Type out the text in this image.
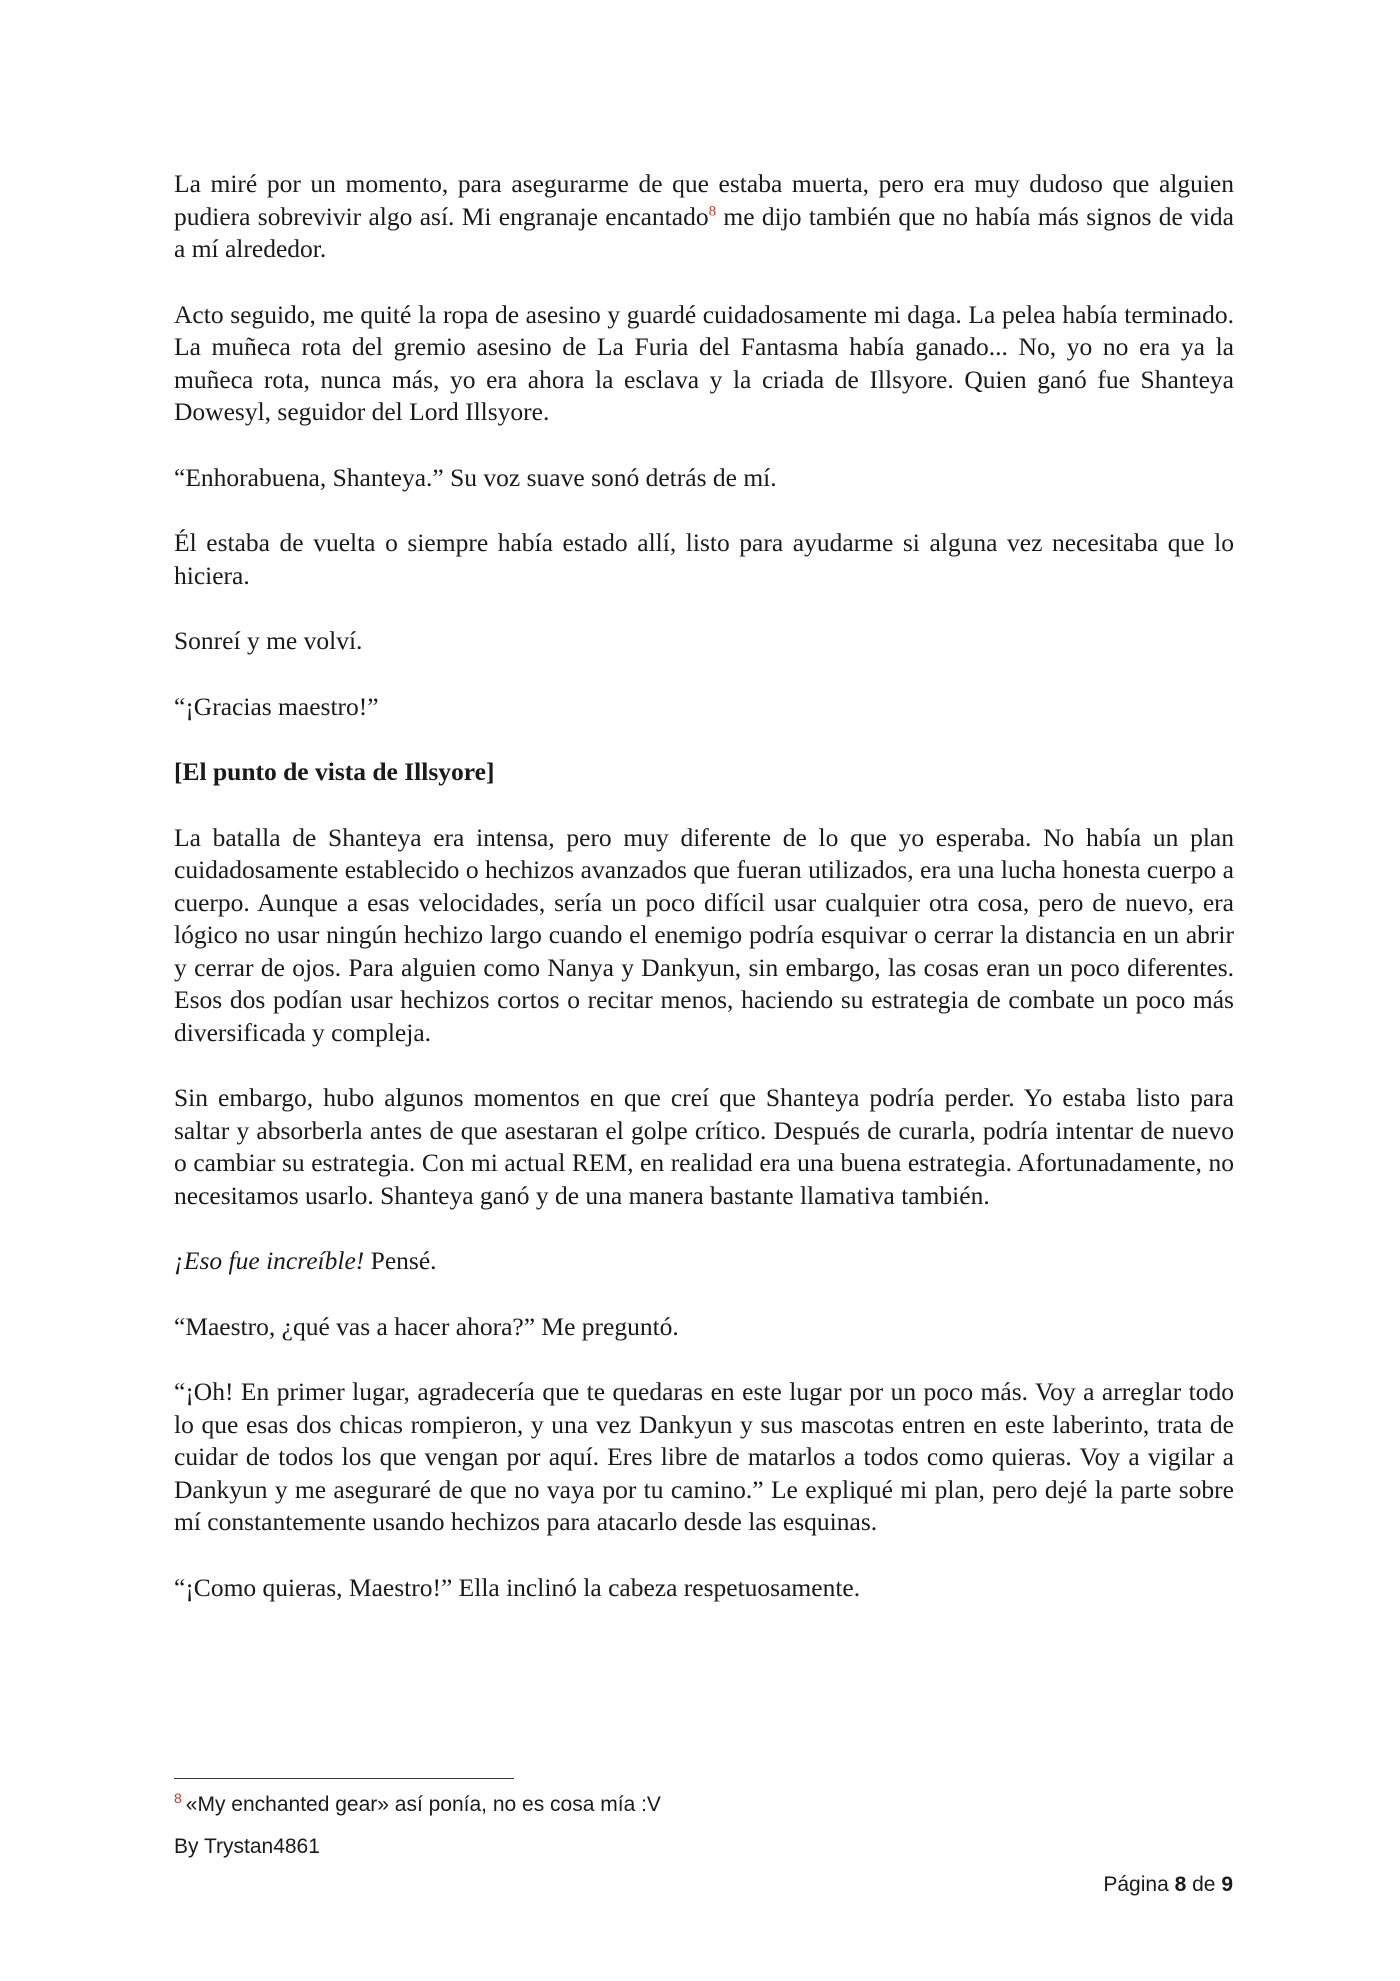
La miré por un momento, para asegurarme de que estaba muerta, pero era muy dudoso que alguien pudiera sobrevivir algo así. Mi engranaje encantado$^8$ me dijo también que no había más signos de vida a mí alrededor.

Acto seguido, me quité la ropa de asesino y guardé cuidadosamente mi daga. La pelea había terminado. La muñeca rota del gremio asesino de La Furia del Fantasma había ganado... No, yo no era ya la muñeca rota, nunca más, yo era ahora la esclava y la criada de Illsyore. Quien ganó fue Shanteya Dowesyl, seguidor del Lord Illsyore.

“Enhorabuena, Shanteya.” Su voz suave sonó detrás de mí.

Él estaba de vuelta o siempre había estado allí, listo para ayudarme si alguna vez necesitaba que lo hiciera.

Sonreí y me volví.

“¡Gracias maestro!”

[El punto de vista de Illsyore]

La batalla de Shanteya era intensa, pero muy diferente de lo que yo esperaba. No había un plan cuidadosamente establecido o hechizos avanzados que fueran utilizados, era una lucha honesta cuerpo a cuerpo. Aunque a esas velocidades, sería un poco difícil usar cualquier otra cosa, pero de nuevo, era lógico no usar ningún hechizo largo cuando el enemigo podría esquivar o cerrar la distancia en un abrir y cerrar de ojos. Para alguien como Nanya y Dankyun, sin embargo, las cosas eran un poco diferentes. Esos dos podían usar hechizos cortos o recitar menos, haciendo su estrategia de combate un poco más diversificada y compleja.

Sin embargo, hubo algunos momentos en que creí que Shanteya podría perder. Yo estaba listo para saltar y absorberla antes de que asestaran el golpe crítico. Después de curarla, podría intentar de nuevo o cambiar su estrategia. Con mi actual REM, en realidad era una buena estrategia. Afortunadamente, no necesitamos usarlo. Shanteya ganó y de una manera bastante llamativa también.

¡Eso fue increíble! Pensé.

“Maestro, ¿qué vas a hacer ahora?” Me preguntó.

“¡Oh! En primer lugar, agradecería que te quedaras en este lugar por un poco más. Voy a arreglar todo lo que esas dos chicas rompieron, y una vez Dankyun y sus mascotas entren en este laberinto, trata de cuidar de todos los que vengan por aquí. Eres libre de matarlos a todos como quieras. Voy a vigilar a Dankyun y me aseguraré de que no vaya por tu camino.” Le expliqué mi plan, pero dejé la parte sobre mí constantemente usando hechizos para atacarlo desde las esquinas.

“¡Como quieras, Maestro!” Ella inclinó la cabeza respetuosamente.

$^8$ «My enchanted gear» así ponía, no es cosa mía :V

By Trystan4861

Página 8 de 9
